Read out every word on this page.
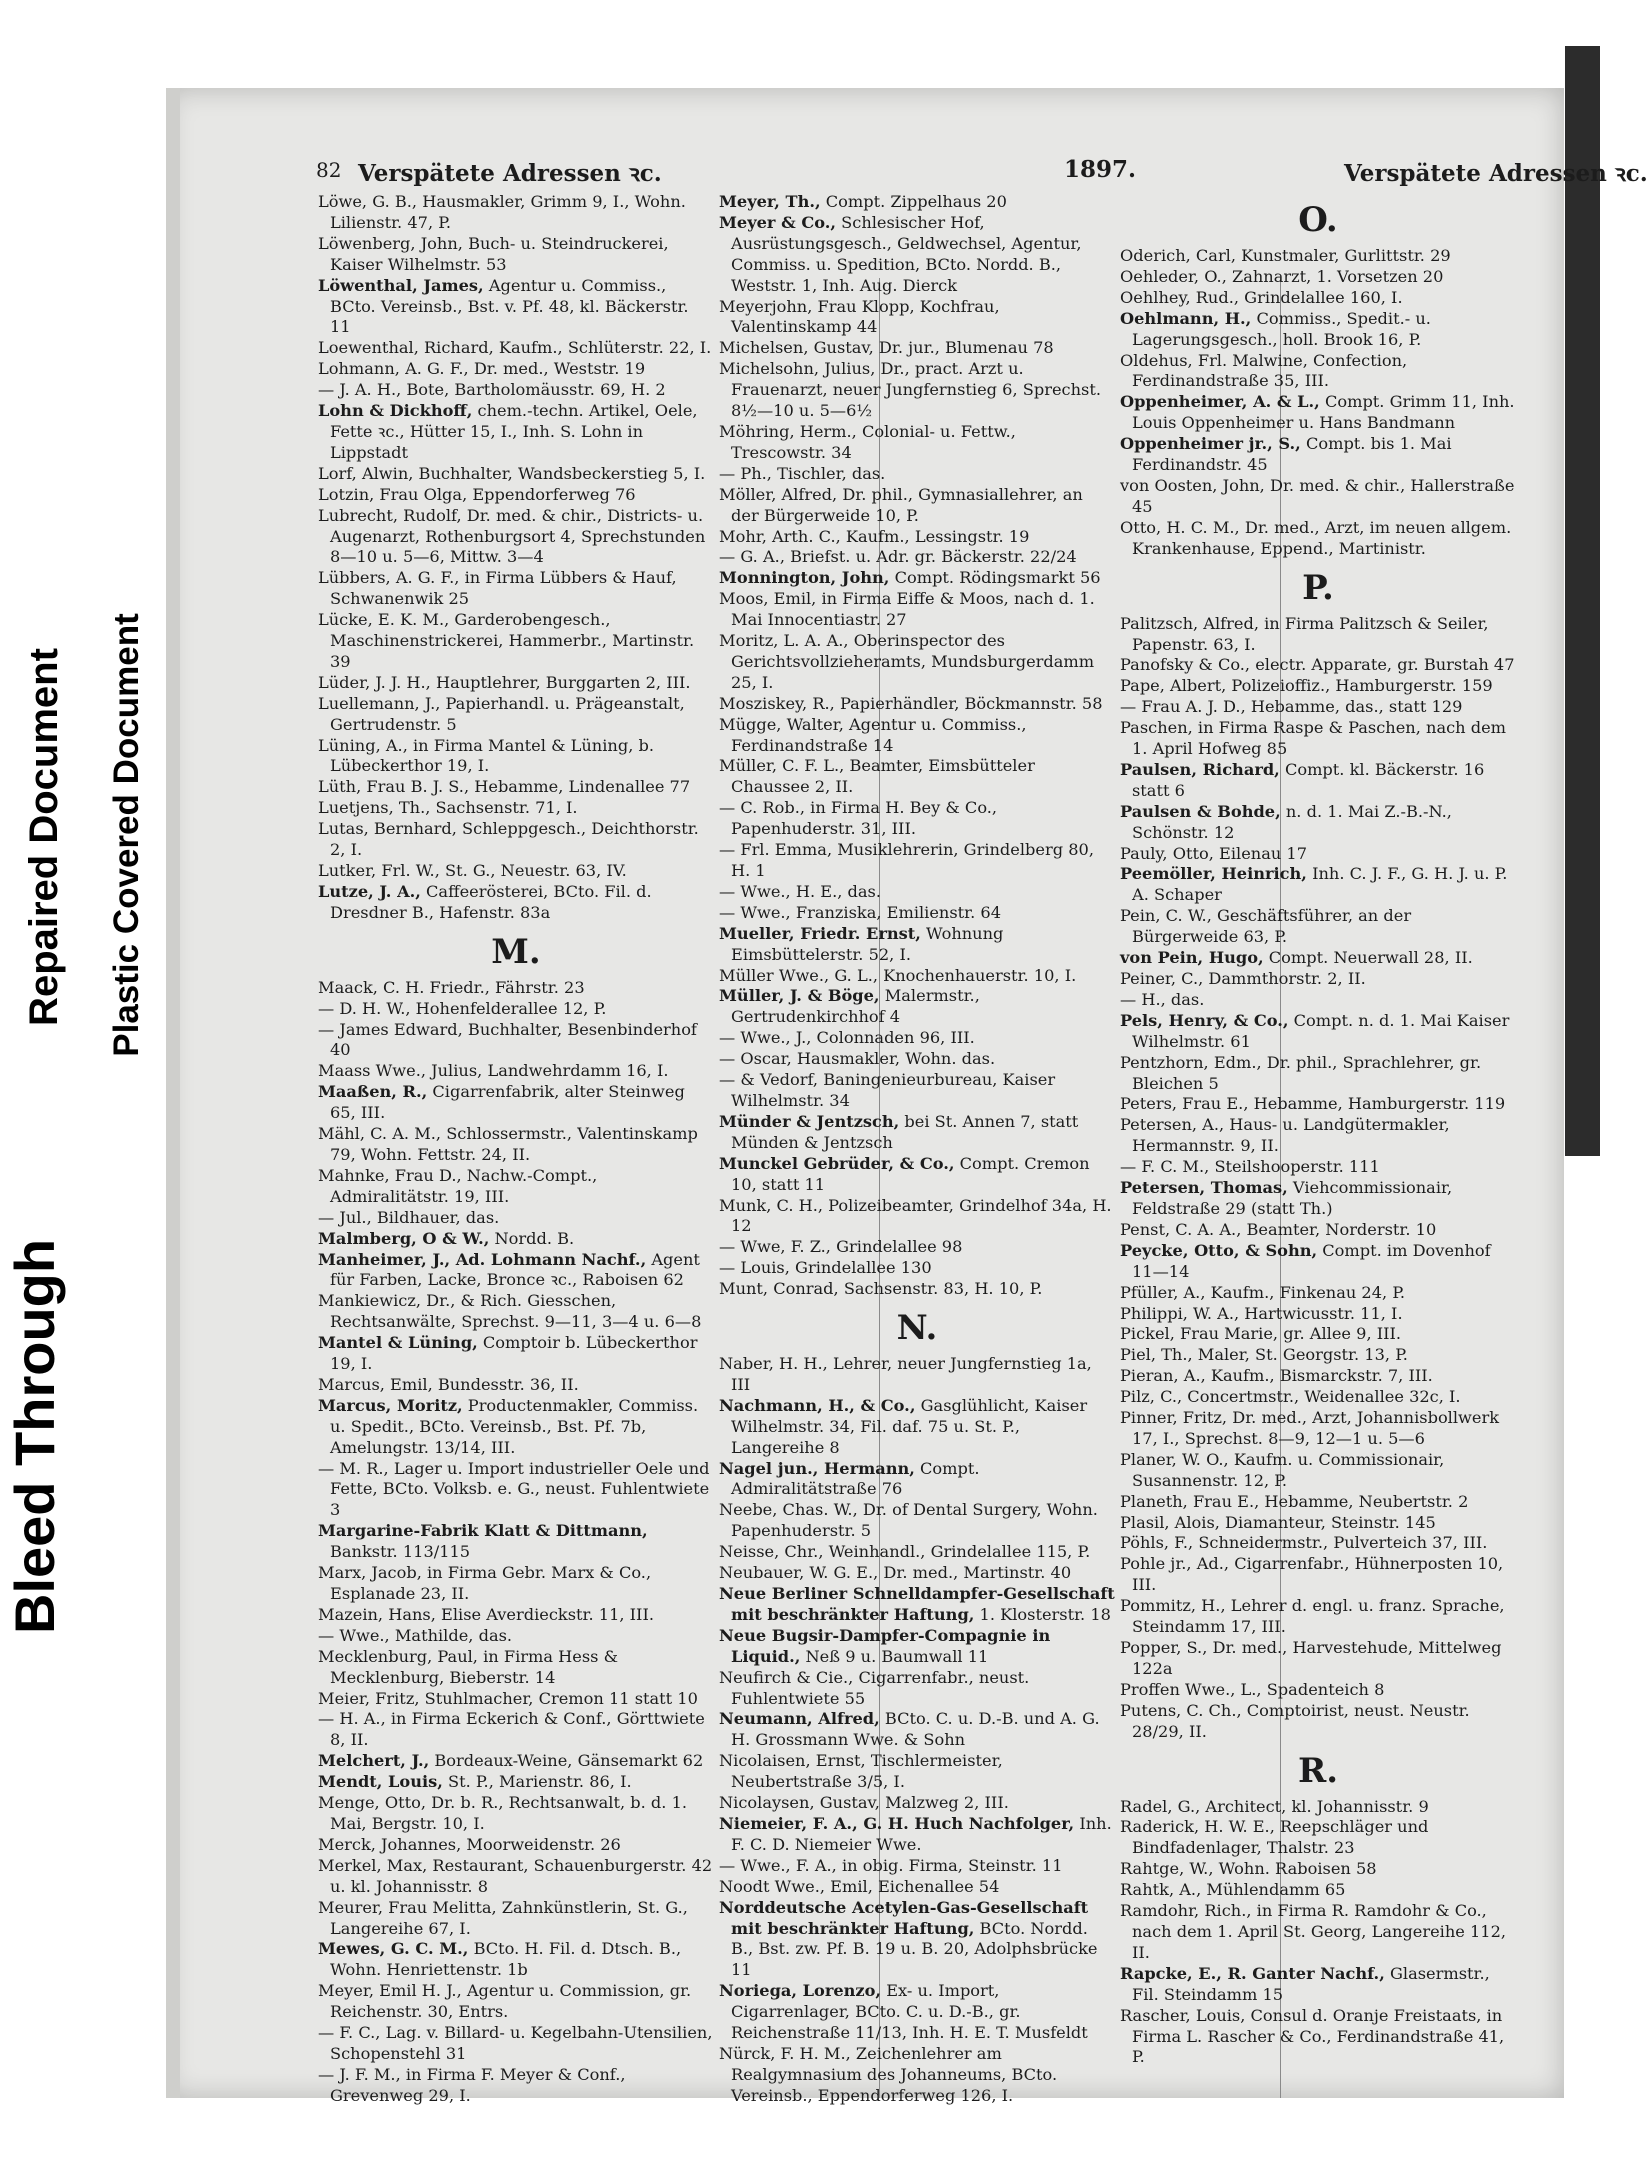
82 Verspätete Adressen ꝛc.	1897.	Verspätete Adressen ꝛc.

Löwe, G. B., Hausmakler, Grimm 9, I., Wohn. Lilienstr. 47, P.

Löwenberg, John, Buch- u. Steindruckerei, Kaiser Wilhelmstr. 53

Löwenthal, James, Agentur u. Commiss., BCto. Vereinsb., Bst. v. Pf. 48, kl. Bäckerstr. 11

Loewenthal, Richard, Kaufm., Schlüterstr. 22, I.

Lohmann, A. G. F., Dr. med., Weststr. 19

— J. A. H., Bote, Bartholomäusstr. 69, H. 2

Lohn & Dickhoff, chem.-techn. Artikel, Oele, Fette ꝛc., Hütter 15, I., Inh. S. Lohn in Lippstadt

Lorf, Alwin, Buchhalter, Wandsbeckerstieg 5, I.

Lotzin, Frau Olga, Eppendorferweg 76

Lubrecht, Rudolf, Dr. med. & chir., Districts- u. Augenarzt, Rothenburgsort 4, Sprechstunden 8—10 u. 5—6, Mittw. 3—4

Lübbers, A. G. F., in Firma Lübbers & Hauf, Schwanenwik 25

Lücke, E. K. M., Garderobengesch., Maschinenstrickerei, Hammerbr., Martinstr. 39

Lüder, J. J. H., Hauptlehrer, Burggarten 2, III.

Luellemann, J., Papierhandl. u. Prägeanstalt, Gertrudenstr. 5

Lüning, A., in Firma Mantel & Lüning, b. Lübeckerthor 19, I.

Lüth, Frau B. J. S., Hebamme, Lindenallee 77

Luetjens, Th., Sachsenstr. 71, I.

Lutas, Bernhard, Schleppgesch., Deichthorstr. 2, I.

Lutker, Frl. W., St. G., Neuestr. 63, IV.

Lutze, J. A., Caffeerösterei, BCto. Fil. d. Dresdner B., Hafenstr. 83a

M.

Maack, C. H. Friedr., Fährstr. 23

— D. H. W., Hohenfelderallee 12, P.

— James Edward, Buchhalter, Besenbinderhof 40

Maass Wwe., Julius, Landwehrdamm 16, I.

Maaßen, R., Cigarrenfabrik, alter Steinweg 65, III.

Mähl, C. A. M., Schlossermstr., Valentinskamp 79, Wohn. Fettstr. 24, II.

Mahnke, Frau D., Nachw.-Compt., Admiralitätstr. 19, III.

— Jul., Bildhauer, das.

Malmberg, O & W., Nordd. B.

Manheimer, J., Ad. Lohmann Nachf., Agent für Farben, Lacke, Bronce ꝛc., Raboisen 62

Mankiewicz, Dr., & Rich. Giesschen, Rechtsanwälte, Sprechst. 9—11, 3—4 u. 6—8

Mantel & Lüning, Comptoir b. Lübeckerthor 19, I.

Marcus, Emil, Bundesstr. 36, II.

Marcus, Moritz, Productenmakler, Commiss. u. Spedit., BCto. Vereinsb., Bst. Pf. 7b, Amelungstr. 13/14, III.

— M. R., Lager u. Import industrieller Oele und Fette, BCto. Volksb. e. G., neust. Fuhlentwiete 3

Margarine-Fabrik Klatt & Dittmann, Bankstr. 113/115

Marx, Jacob, in Firma Gebr. Marx & Co., Esplanade 23, II.

Mazein, Hans, Elise Averdieckstr. 11, III.

— Wwe., Mathilde, das.

Mecklenburg, Paul, in Firma Hess & Mecklenburg, Bieberstr. 14

Meier, Fritz, Stuhlmacher, Cremon 11 statt 10

— H. A., in Firma Eckerich & Conf., Görttwiete 8, II.

Melchert, J., Bordeaux-Weine, Gänsemarkt 62

Mendt, Louis, St. P., Marienstr. 86, I.

Menge, Otto, Dr. b. R., Rechtsanwalt, b. d. 1. Mai, Bergstr. 10, I.

Merck, Johannes, Moorweidenstr. 26

Merkel, Max, Restaurant, Schauenburgerstr. 42 u. kl. Johannisstr. 8

Meurer, Frau Melitta, Zahnkünstlerin, St. G., Langereihe 67, I.

Mewes, G. C. M., BCto. H. Fil. d. Dtsch. B., Wohn. Henriettenstr. 1b

Meyer, Emil H. J., Agentur u. Commission, gr. Reichenstr. 30, Entrs.

— F. C., Lag. v. Billard- u. Kegelbahn-Utensilien, Schopenstehl 31

— J. F. M., in Firma F. Meyer & Conf., Grevenweg 29, I.

Meyer, Th., Compt. Zippelhaus 20

Meyer & Co., Schlesischer Hof, Ausrüstungsgesch., Geldwechsel, Agentur, Commiss. u. Spedition, BCto. Nordd. B., Weststr. 1, Inh. Aug. Dierck

Meyerjohn, Frau Klopp, Kochfrau, Valentinskamp 44

Michelsen, Gustav, Dr. jur., Blumenau 78

Michelsohn, Julius, Dr., pract. Arzt u. Frauenarzt, neuer Jungfernstieg 6, Sprechst. 8½—10 u. 5—6½

Möhring, Herm., Colonial- u. Fettw., Trescowstr. 34

— Ph., Tischler, das.

Möller, Alfred, Dr. phil., Gymnasiallehrer, an der Bürgerweide 10, P.

Mohr, Arth. C., Kaufm., Lessingstr. 19

— G. A., Briefst. u. Adr. gr. Bäckerstr. 22/24

Monnington, John, Compt. Rödingsmarkt 56

Moos, Emil, in Firma Eiffe & Moos, nach d. 1. Mai Innocentiastr. 27

Moritz, L. A. A., Oberinspector des Gerichtsvollzieheramts, Mundsburgerdamm 25, I.

Mosziskey, R., Papierhändler, Böckmannstr. 58

Mügge, Walter, Agentur u. Commiss., Ferdinandstraße 14

Müller, C. F. L., Beamter, Eimsbütteler Chaussee 2, II.

— C. Rob., in Firma H. Bey & Co., Papenhuderstr. 31, III.

— Frl. Emma, Musiklehrerin, Grindelberg 80, H. 1

— Wwe., H. E., das.

— Wwe., Franziska, Emilienstr. 64

Mueller, Friedr. Ernst, Wohnung Eimsbüttelerstr. 52, I.

Müller Wwe., G. L., Knochenhauerstr. 10, I.

Müller, J. & Böge, Malermstr., Gertrudenkirchhof 4

— Wwe., J., Colonnaden 96, III.

— Oscar, Hausmakler, Wohn. das.

— & Vedorf, Baningenieurbureau, Kaiser Wilhelmstr. 34

Münder & Jentzsch, bei St. Annen 7, statt Münden & Jentzsch

Munckel Gebrüder, & Co., Compt. Cremon 10, statt 11

Munk, C. H., Polizeibeamter, Grindelhof 34a, H. 12

— Wwe, F. Z., Grindelallee 98

— Louis, Grindelallee 130

Munt, Conrad, Sachsenstr. 83, H. 10, P.

N.

Naber, H. H., Lehrer, neuer Jungfernstieg 1a, III

Nachmann, H., & Co., Gasglühlicht, Kaiser Wilhelmstr. 34, Fil. daf. 75 u. St. P., Langereihe 8

Nagel jun., Hermann, Compt. Admiralitätstraße 76

Neebe, Chas. W., Dr. of Dental Surgery, Wohn. Papenhuderstr. 5

Neisse, Chr., Weinhandl., Grindelallee 115, P.

Neubauer, W. G. E., Dr. med., Martinstr. 40

Neue Berliner Schnelldampfer-Gesellschaft mit beschränkter Haftung, 1. Klosterstr. 18

Neue Bugsir-Dampfer-Compagnie in Liquid., Neß 9 u. Baumwall 11

Neufirch & Cie., Cigarrenfabr., neust. Fuhlentwiete 55

Neumann, Alfred, BCto. C. u. D.-B. und A. G. H. Grossmann Wwe. & Sohn

Nicolaisen, Ernst, Tischlermeister, Neubertstraße 3/5, I.

Nicolaysen, Gustav, Malzweg 2, III.

Niemeier, F. A., G. H. Huch Nachfolger, Inh. F. C. D. Niemeier Wwe.

— Wwe., F. A., in obig. Firma, Steinstr. 11

Noodt Wwe., Emil, Eichenallee 54

Norddeutsche Acetylen-Gas-Gesellschaft mit beschränkter Haftung, BCto. Nordd. B., Bst. zw. Pf. B. 19 u. B. 20, Adolphsbrücke 11

Noriega, Lorenzo, Ex- u. Import, Cigarrenlager, BCto. C. u. D.-B., gr. Reichenstraße 11/13, Inh. H. E. T. Musfeldt

Nürck, F. H. M., Zeichenlehrer am Realgymnasium des Johanneums, BCto. Vereinsb., Eppendorferweg 126, I.

O.

Oderich, Carl, Kunstmaler, Gurlittstr. 29

Oehleder, O., Zahnarzt, 1. Vorsetzen 20

Oehlhey, Rud., Grindelallee 160, I.

Oehlmann, H., Commiss., Spedit.- u. Lagerungsgesch., holl. Brook 16, P.

Oldehus, Frl. Malwine, Confection, Ferdinandstraße 35, III.

Oppenheimer, A. & L., Compt. Grimm 11, Inh. Louis Oppenheimer u. Hans Bandmann

Oppenheimer jr., S., Compt. bis 1. Mai Ferdinandstr. 45

von Oosten, John, Dr. med. & chir., Hallerstraße 45

Otto, H. C. M., Dr. med., Arzt, im neuen allgem. Krankenhause, Eppend., Martinistr.

P.

Palitzsch, Alfred, in Firma Palitzsch & Seiler, Papenstr. 63, I.

Panofsky & Co., electr. Apparate, gr. Burstah 47

Pape, Albert, Polizeioffiz., Hamburgerstr. 159

— Frau A. J. D., Hebamme, das., statt 129

Paschen, in Firma Raspe & Paschen, nach dem 1. April Hofweg 85

Paulsen, Richard, Compt. kl. Bäckerstr. 16 statt 6

Paulsen & Bohde, n. d. 1. Mai Z.-B.-N., Schönstr. 12

Pauly, Otto, Eilenau 17

Peemöller, Heinrich, Inh. C. J. F., G. H. J. u. P. A. Schaper

Pein, C. W., Geschäftsführer, an der Bürgerweide 63, P.

von Pein, Hugo, Compt. Neuerwall 28, II.

Peiner, C., Dammthorstr. 2, II.

— H., das.

Pels, Henry, & Co., Compt. n. d. 1. Mai Kaiser Wilhelmstr. 61

Pentzhorn, Edm., Dr. phil., Sprachlehrer, gr. Bleichen 5

Peters, Frau E., Hebamme, Hamburgerstr. 119

Petersen, A., Haus- u. Landgütermakler, Hermannstr. 9, II.

— F. C. M., Steilshooperstr. 111

Petersen, Thomas, Viehcommissionair, Feldstraße 29 (statt Th.)

Penst, C. A. A., Beamter, Norderstr. 10

Peycke, Otto, & Sohn, Compt. im Dovenhof 11—14

Pfüller, A., Kaufm., Finkenau 24, P.

Philippi, W. A., Hartwicusstr. 11, I.

Pickel, Frau Marie, gr. Allee 9, III.

Piel, Th., Maler, St. Georgstr. 13, P.

Pieran, A., Kaufm., Bismarckstr. 7, III.

Pilz, C., Concertmstr., Weidenallee 32c, I.

Pinner, Fritz, Dr. med., Arzt, Johannisbollwerk 17, I., Sprechst. 8—9, 12—1 u. 5—6

Planer, W. O., Kaufm. u. Commissionair, Susannenstr. 12, P.

Planeth, Frau E., Hebamme, Neubertstr. 2

Plasil, Alois, Diamanteur, Steinstr. 145

Pöhls, F., Schneidermstr., Pulverteich 37, III.

Pohle jr., Ad., Cigarrenfabr., Hühnerposten 10, III.

Pommitz, H., Lehrer d. engl. u. franz. Sprache, Steindamm 17, III.

Popper, S., Dr. med., Harvestehude, Mittelweg 122a

Proffen Wwe., L., Spadenteich 8

Putens, C. Ch., Comptoirist, neust. Neustr. 28/29, II.

R.

Radel, G., Architect, kl. Johannisstr. 9

Raderick, H. W. E., Reepschläger und Bindfadenlager, Thalstr. 23

Rahtge, W., Wohn. Raboisen 58

Rahtk, A., Mühlendamm 65

Ramdohr, Rich., in Firma R. Ramdohr & Co., nach dem 1. April St. Georg, Langereihe 112, II.

Rapcke, E., R. Ganter Nachf., Glasermstr., Fil. Steindamm 15

Rascher, Louis, Consul d. Oranje Freistaats, in Firma L. Rascher & Co., Ferdinandstraße 41, P.

Bleed Through
Repaired Document Plastic Covered Document
